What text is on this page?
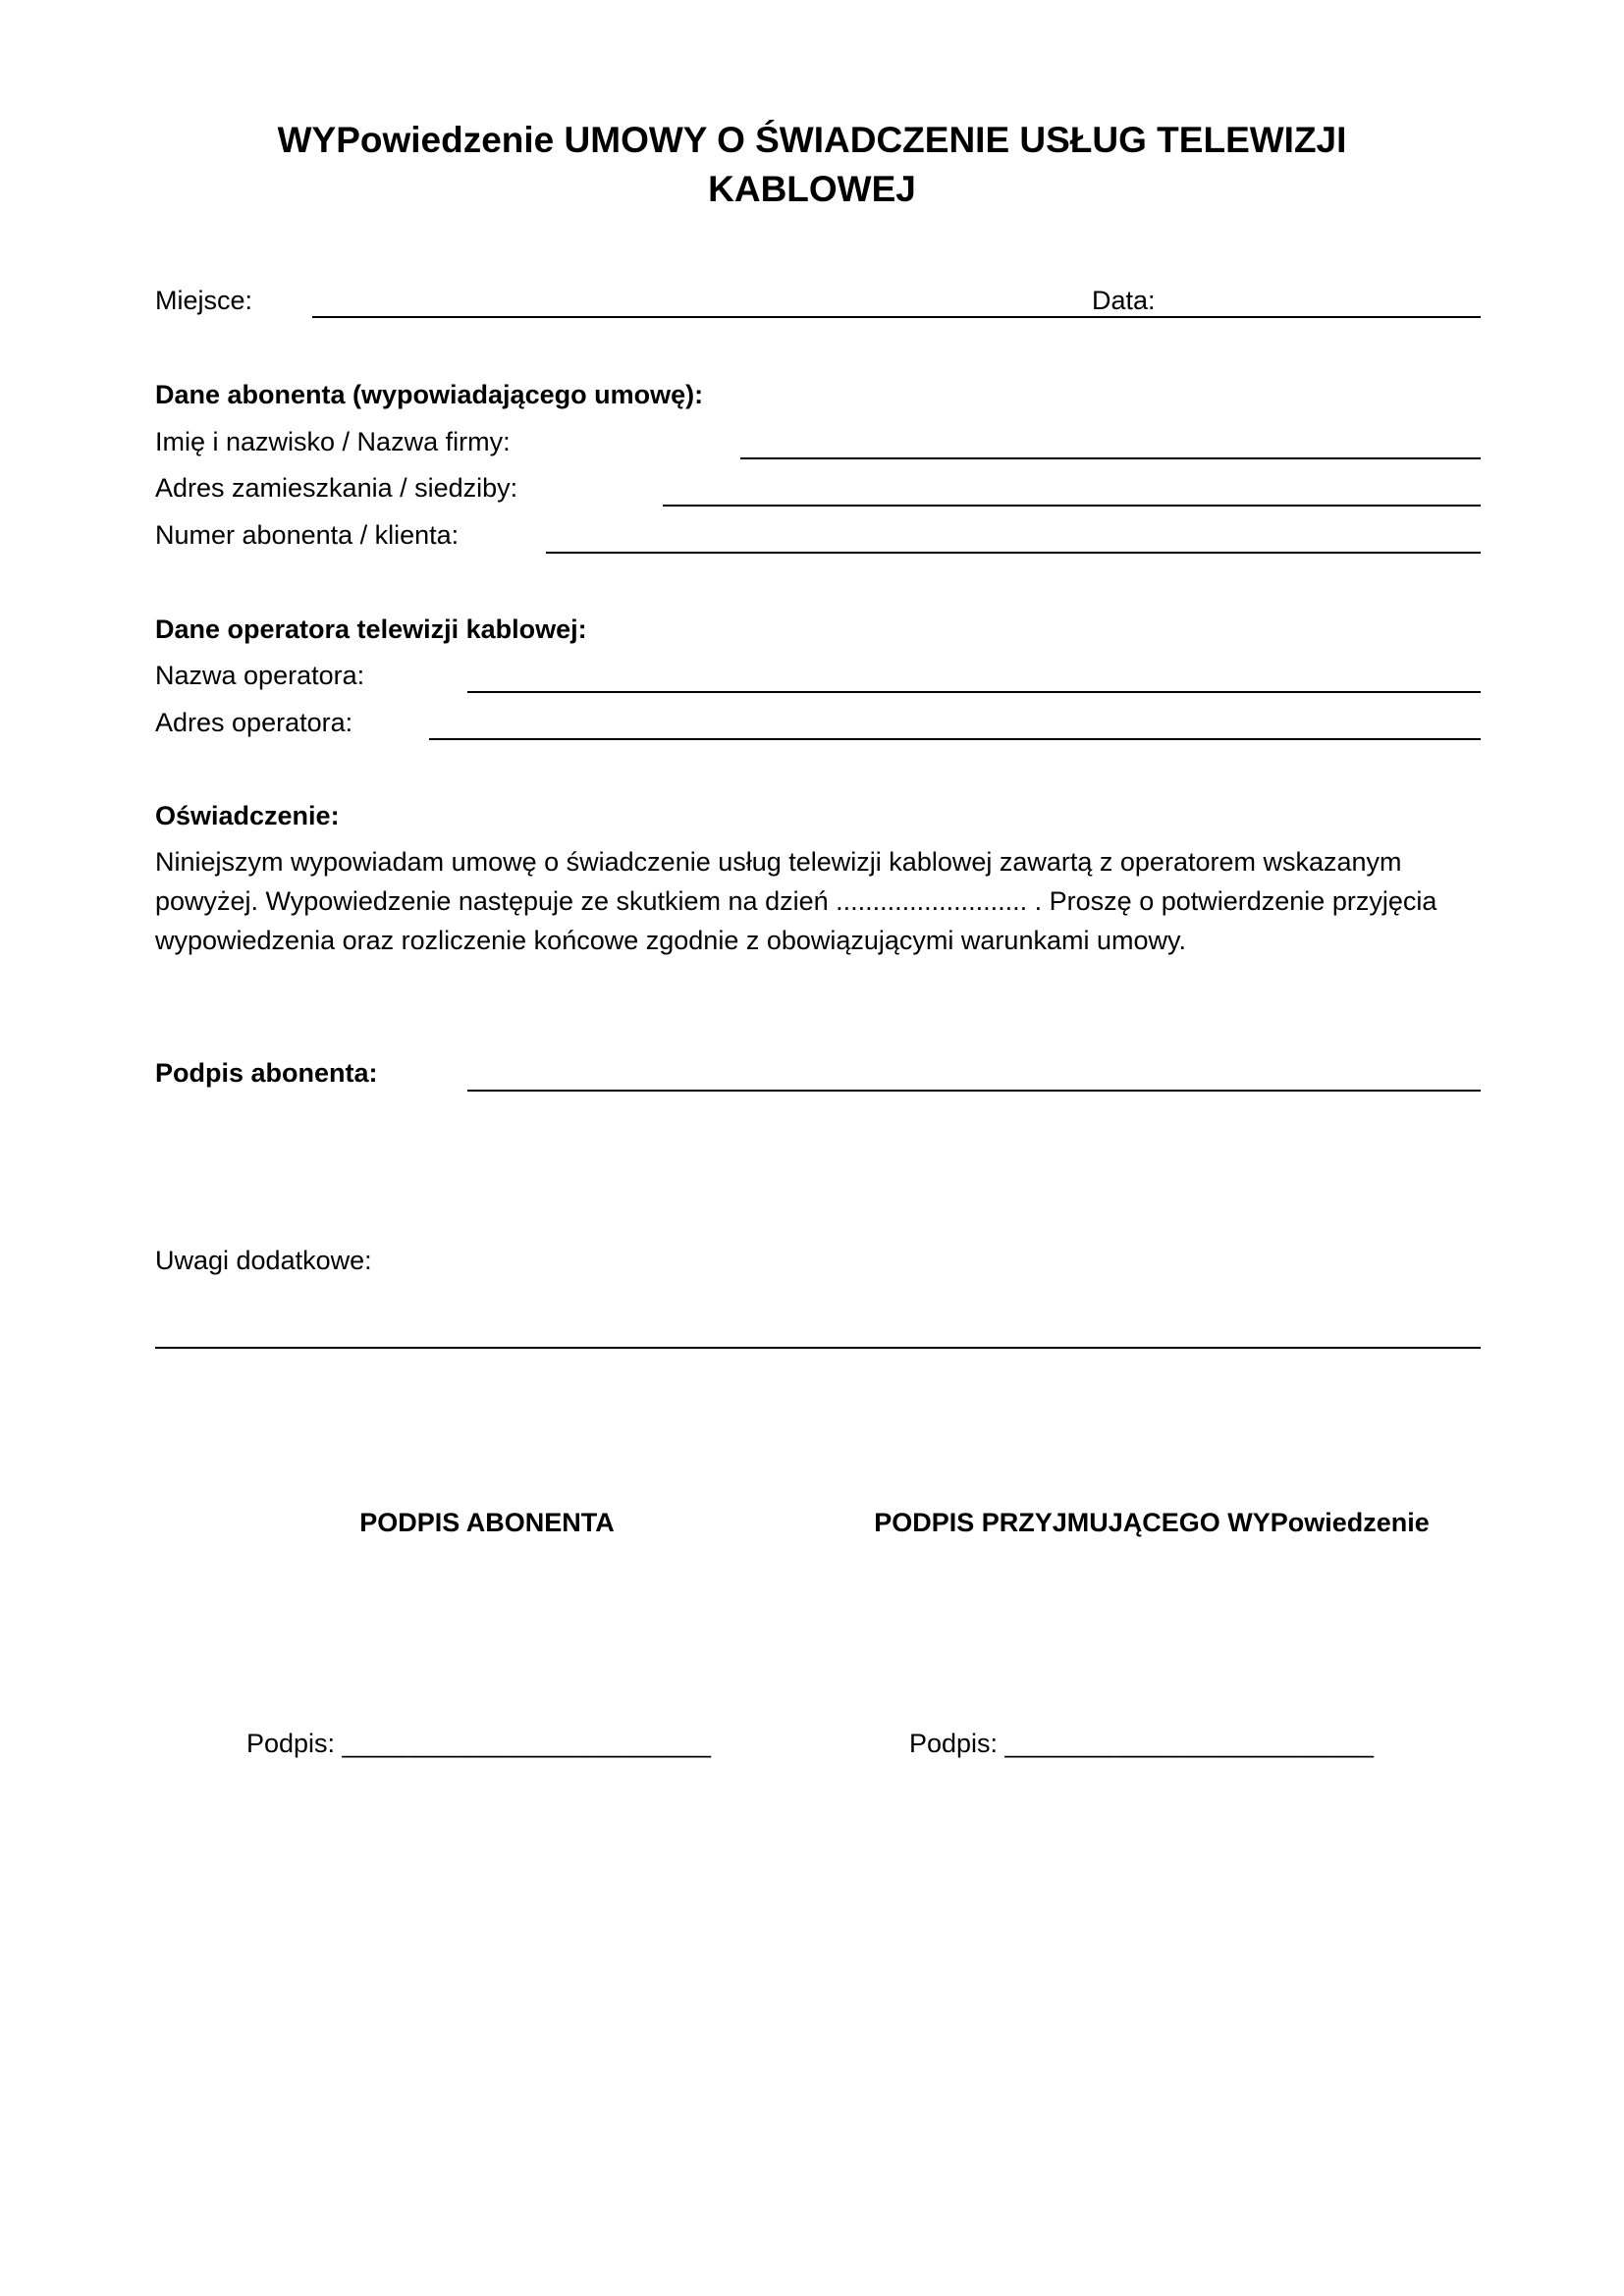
WYPowiedzenie UMOWY O ŚWIADCZENIE USŁUG TELEWIZJI KABLOWEJ
Miejsce:	Data:
Dane abonenta (wypowiadającego umowę):
Imię i nazwisko / Nazwa firmy:
Adres zamieszkania / siedziby:
Numer abonenta / klienta:
Dane operatora telewizji kablowej:
Nazwa operatora:
Adres operatora:
Oświadczenie:
Niniejszym wypowiadam umowę o świadczenie usług telewizji kablowej zawartą z operatorem wskazanym powyżej. Wypowiedzenie następuje ze skutkiem na dzień .......................... . Proszę o potwierdzenie przyjęcia wypowiedzenia oraz rozliczenie końcowe zgodnie z obowiązującymi warunkami umowy.
Podpis abonenta:
Uwagi dodatkowe:
PODPIS ABONENTA	PODPIS PRZYJMUJĄCEGO WYPowiedzenie
Podpis: _________________________	Podpis: _________________________
